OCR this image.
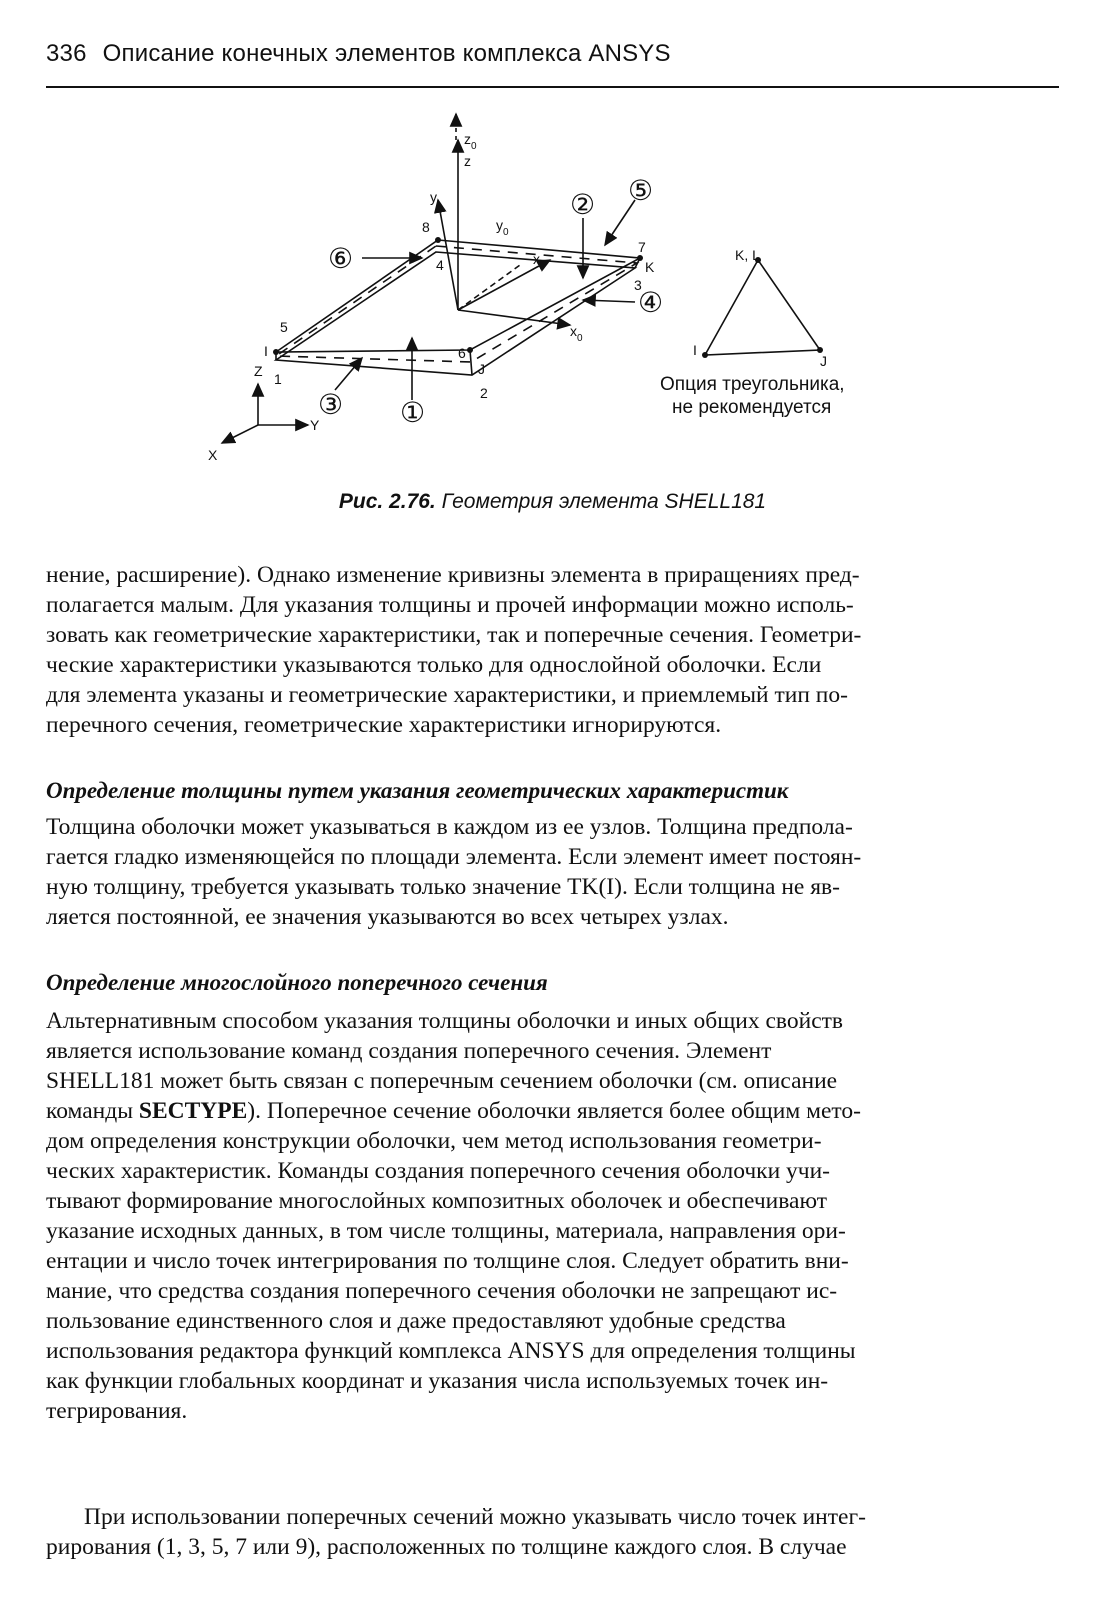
336 Описание конечных элементов комплекса ANSYS
$z_0$
z
y
$y_0$
x
$x_0$
8
4
7
K
3
5
I
1
6
J
2
Z
Y
X
①
②
③
④
⑤
⑥	K, L
I
J
Опция треугольника,
не рекомендуется
Рис. 2.76. Геометрия элемента SHELL181
нение, расширение). Однако изменение кривизны элемента в приращениях пред-
полагается малым. Для указания толщины и прочей информации можно исполь-
зовать как геометрические характеристики, так и поперечные сечения. Геометри-
ческие характеристики указываются только для однослойной оболочки. Если
для элемента указаны и геометрические характеристики, и приемлемый тип по-
перечного сечения, геометрические характеристики игнорируются.
Определение толщины путем указания геометрических характеристик
Толщина оболочки может указываться в каждом из ее узлов. Толщина предпола-
гается гладко изменяющейся по площади элемента. Если элемент имеет постоян-
ную толщину, требуется указывать только значение TK(I). Если толщина не яв-
ляется постоянной, ее значения указываются во всех четырех узлах.
Определение многослойного поперечного сечения
Альтернативным способом указания толщины оболочки и иных общих свойств
является использование команд создания поперечного сечения. Элемент
SHELL181 может быть связан с поперечным сечением оболочки (см. описание
команды SECTYPE). Поперечное сечение оболочки является более общим мето-
дом определения конструкции оболочки, чем метод использования геометри-
ческих характеристик. Команды создания поперечного сечения оболочки учи-
тывают формирование многослойных композитных оболочек и обеспечивают
указание исходных данных, в том числе толщины, материала, направления ори-
ентации и число точек интегрирования по толщине слоя. Следует обратить вни-
мание, что средства создания поперечного сечения оболочки не запрещают ис-
пользование единственного слоя и даже предоставляют удобные средства
использования редактора функций комплекса ANSYS для определения толщины
как функции глобальных координат и указания числа используемых точек ин-
тегрирования.
При использовании поперечных сечений можно указывать число точек интег-
рирования (1, 3, 5, 7 или 9), расположенных по толщине каждого слоя. В случае
